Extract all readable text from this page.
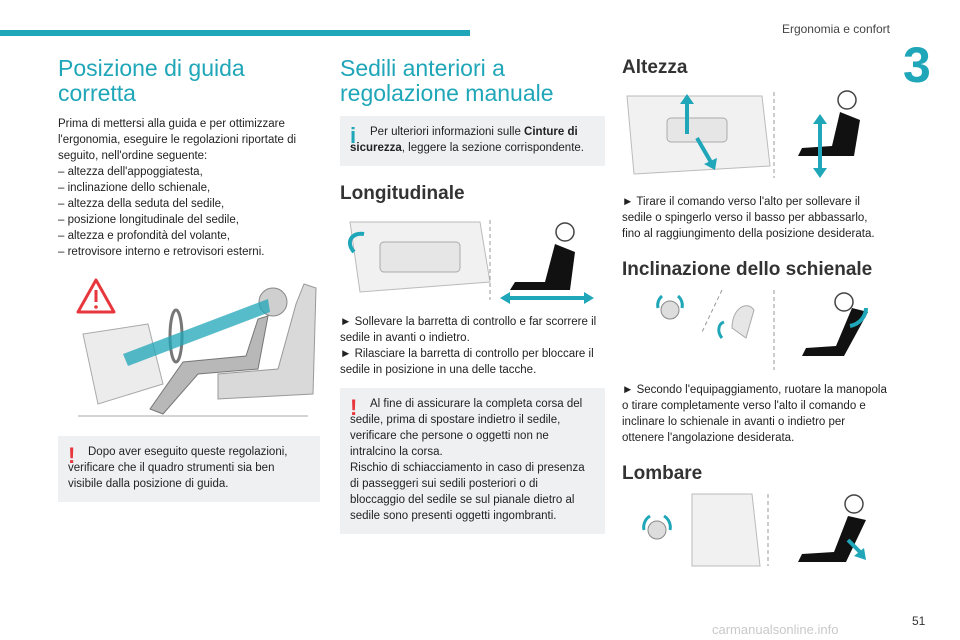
Ergonomia e confort
3
Posizione di guida corretta

Prima di mettersi alla guida e per ottimizzare l'ergonomia, eseguire le regolazioni riportate di seguito, nell'ordine seguente:

– altezza dell'appoggiatesta,
– inclinazione dello schienale,
– altezza della seduta del sedile,
– posizione longitudinale del sedile,
– altezza e profondità del volante,
– retrovisore interno e retrovisori esterni.
!	Dopo aver eseguito queste regolazioni, verificare che il quadro strumenti sia ben visibile dalla posizione di guida.
Sedili anteriori a regolazione manuale
i	Per ulteriori informazioni sulle Cinture di sicurezza, leggere la sezione corrispondente.
Longitudinale

► Sollevare la barretta di controllo e far scorrere il sedile in avanti o indietro.

► Rilasciare la barretta di controllo per bloccare il sedile in posizione in una delle tacche.

!	Al fine di assicurare la completa corsa del sedile, prima di spostare indietro il sedile, verificare che persone o oggetti non ne intralcino la corsa.
Rischio di schiacciamento in caso di presenza di passeggeri sui sedili posteriori o di bloccaggio del sedile se sul pianale dietro al sedile sono presenti oggetti ingombranti.
Altezza

► Tirare il comando verso l'alto per sollevare il sedile o spingerlo verso il basso per abbassarlo, fino al raggiungimento della posizione desiderata.

Inclinazione dello schienale

► Secondo l'equipaggiamento, ruotare la manopola o tirare completamente verso l'alto il comando e inclinare lo schienale in avanti o indietro per ottenere l'angolazione desiderata.

Lombare
51
carmanualsonline.info
